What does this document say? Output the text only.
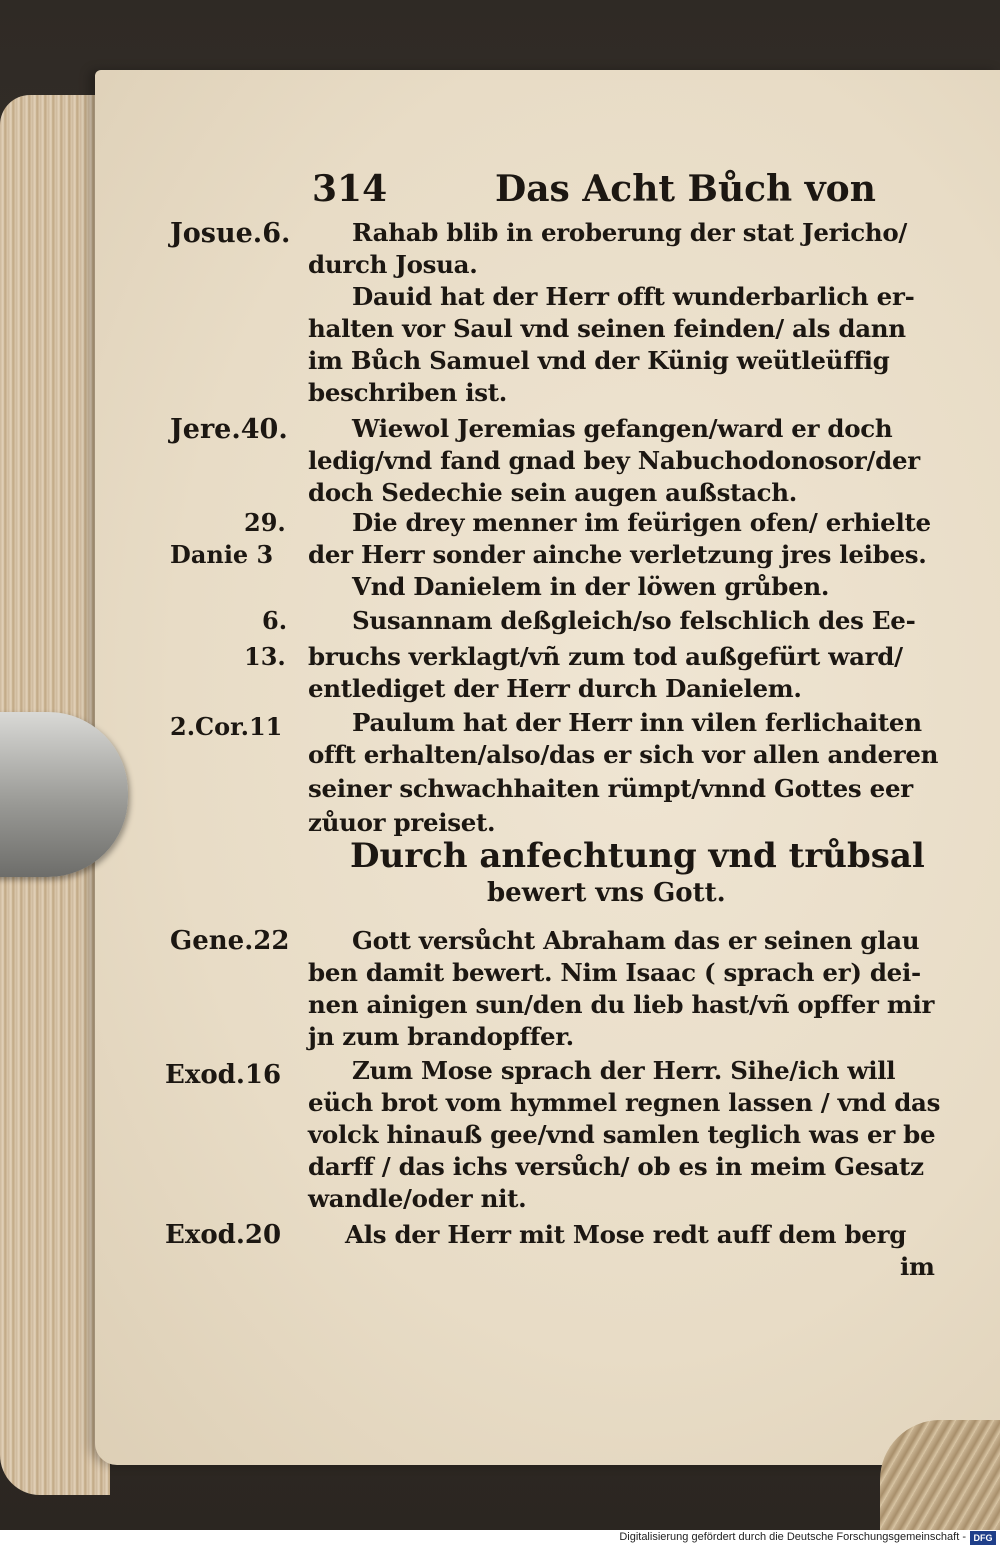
314	Das Acht Bůch von
Josue.6.
Jere.40.
29.
Danie 3
6.
13.
2.Cor.11
Gene.22
Exod.16
Exod.20
Rahab blib in eroberung der stat Jericho/
durch Josua.
Dauid hat der Herr offt wunderbarlich er-
halten vor Saul vnd seinen feinden/ als dann
im Bůch Samuel vnd der Künig weütleüffig
beschriben ist.
Wiewol Jeremias gefangen/ward er doch
ledig/vnd fand gnad bey Nabuchodonosor/der
doch Sedechie sein augen außstach.
Die drey menner im feürigen ofen/ erhielte
der Herr sonder ainche verletzung jres leibes.
Vnd Danielem in der löwen grůben.
Susannam deßgleich/so felschlich des Ee-
bruchs verklagt/vñ zum tod außgefürt ward/
entlediget der Herr durch Danielem.
Paulum hat der Herr inn vilen ferlichaiten
offt erhalten/also/das er sich vor allen anderen
seiner schwachhaiten rümpt/vnnd Gottes eer
zůuor preiset.
Durch anfechtung vnd trůbsal
bewert vns Gott.
Gott versůcht Abraham das er seinen glau
ben damit bewert. Nim Isaac ( sprach er) dei-
nen ainigen sun/den du lieb hast/vñ opffer mir
jn zum brandopffer.
Zum Mose sprach der Herr. Sihe/ich will
eüch brot vom hymmel regnen lassen / vnd das
volck hinauß gee/vnd samlen teglich was er be
darff / das ichs versůch/ ob es in meim Gesatz
wandle/oder nit.
Als der Herr mit Mose redt auff dem berg
im
Digitalisierung gefördert durch die Deutsche Forschungsgemeinschaft - DFG
